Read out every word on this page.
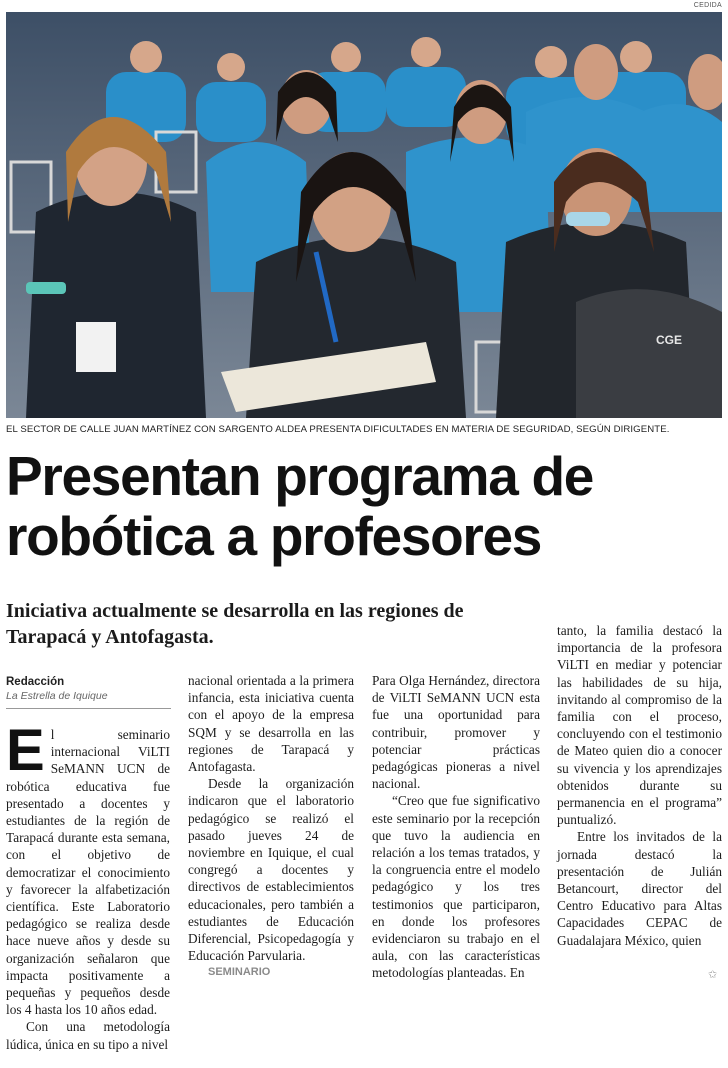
CEDIDA
CGE
EL SECTOR DE CALLE JUAN MARTÍNEZ CON SARGENTO ALDEA PRESENTA DIFICULTADES EN MATERIA DE SEGURIDAD, SEGÚN DIRIGENTE.
Presentan programa de
robótica a profesores
Iniciativa actualmente se desarrolla en las regiones de Tarapacá y Antofagasta.
Redacción
La Estrella de Iquique

El seminario internacional ViLTI SeMANN UCN de robótica educativa fue presentado a docentes y estudiantes de la región de Tarapacá durante esta semana, con el objetivo de democratizar el conocimiento y favorecer la alfabetización científica. Este Laboratorio pedagógico se realiza desde hace nueve años y desde su organización señalaron que impacta positivamente a pequeñas y pequeños desde los 4 hasta los 10 años edad.

Con una metodología lúdica, única en su tipo a nivel

nacional orientada a la primera infancia, esta iniciativa cuenta con el apoyo de la empresa SQM y se desarrolla en las regiones de Tarapacá y Antofagasta.

Desde la organización indicaron que el laboratorio pedagógico se realizó el pasado jueves 24 de noviembre en Iquique, el cual congregó a docentes y directivos de establecimientos educacionales, pero también a estudiantes de Educación Diferencial, Psicopedagogía y Educación Parvularia.

SEMINARIO

Para Olga Hernández, directora de ViLTI SeMANN UCN esta fue una oportunidad para contribuir, promover y potenciar prácticas pedagógicas pioneras a nivel nacional.

“Creo que fue significativo este seminario por la recepción que tuvo la audiencia en relación a los temas tratados, y la congruencia entre el modelo pedagógico y los tres testimonios que participaron, en donde los profesores evidenciaron su trabajo en el aula, con las características metodologías planteadas. En

tanto, la familia destacó la importancia de la profesora ViLTI en mediar y potenciar las habilidades de su hija, invitando al compromiso de la familia con el proceso, concluyendo con el testimonio de Mateo quien dio a conocer su vivencia y los aprendizajes obtenidos durante su permanencia en el programa” puntualizó.

Entre los invitados de la jornada destacó la presentación de Julián Betancourt, director del Centro Educativo para Altas Capacidades CEPAC de Guadalajara México, quien

✩
